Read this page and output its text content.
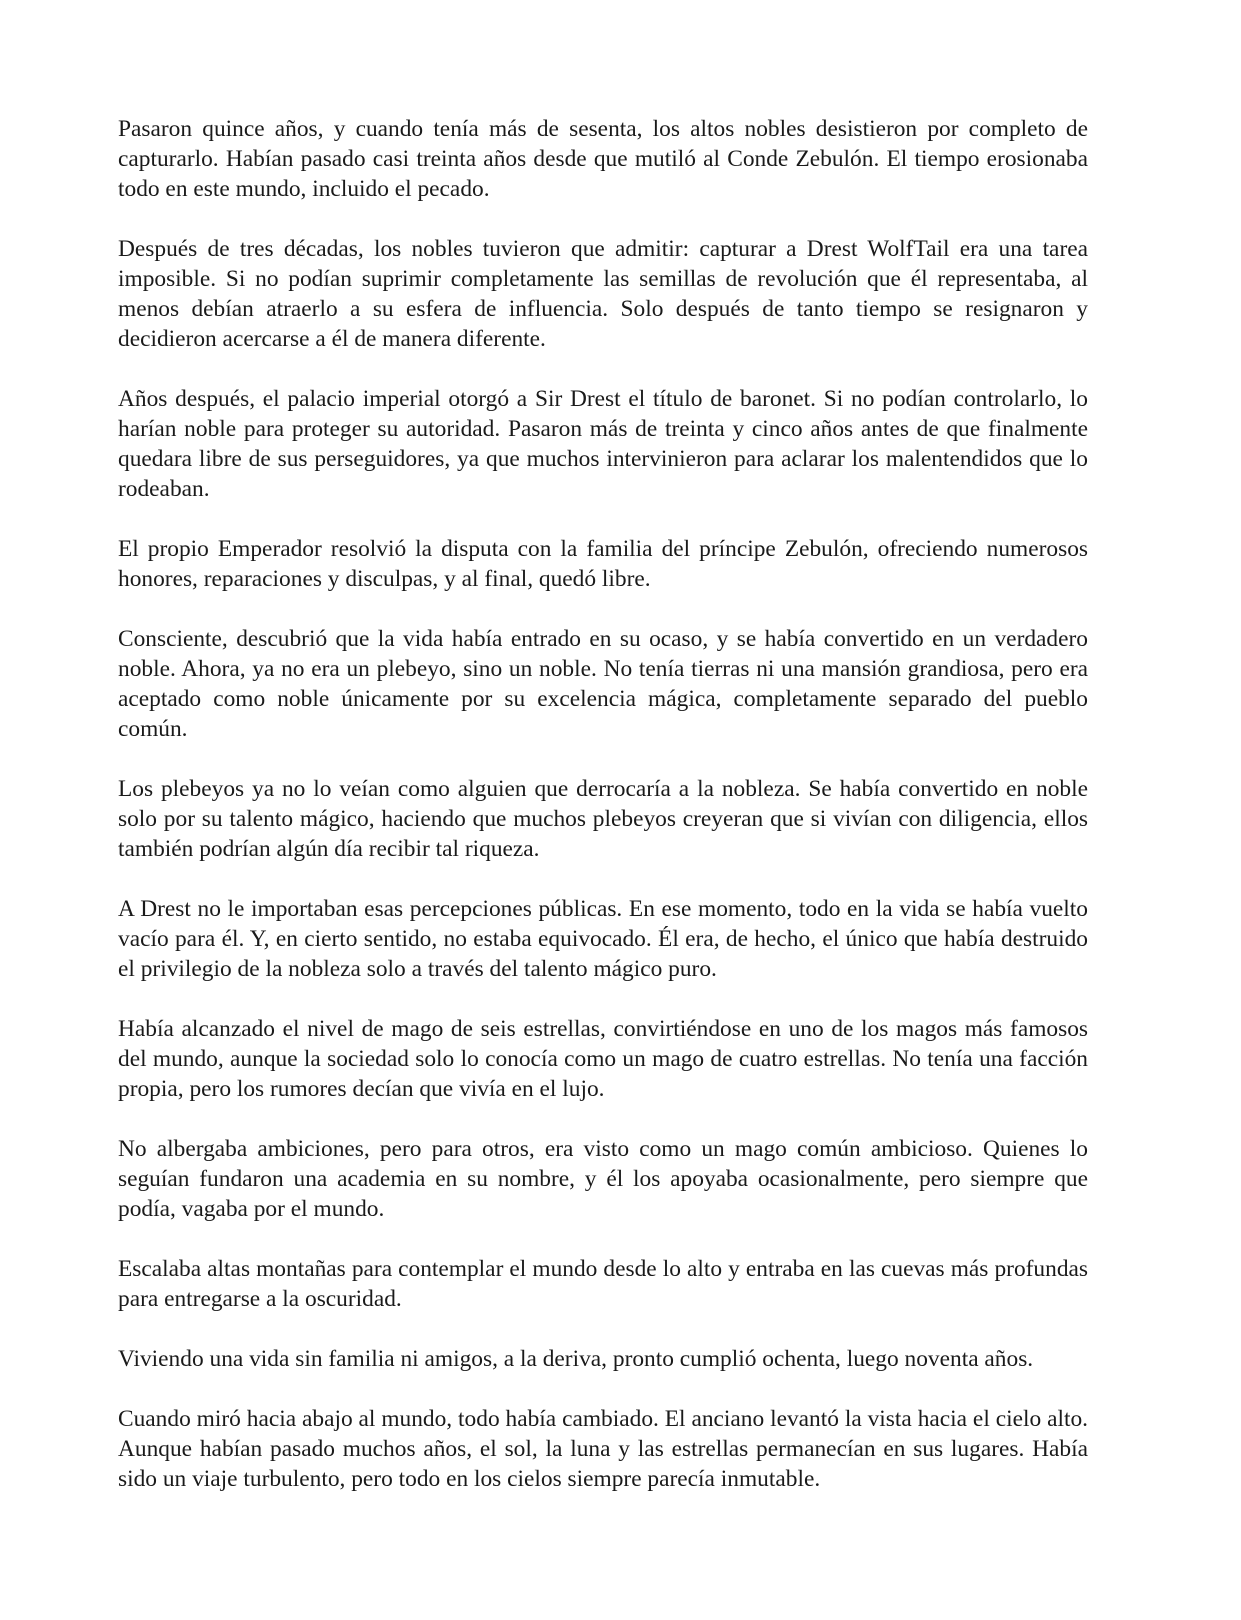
Pasaron quince años, y cuando tenía más de sesenta, los altos nobles desistieron por completo de capturarlo. Habían pasado casi treinta años desde que mutiló al Conde Zebulón. El tiempo erosionaba todo en este mundo, incluido el pecado.

Después de tres décadas, los nobles tuvieron que admitir: capturar a Drest WolfTail era una tarea imposible. Si no podían suprimir completamente las semillas de revolución que él representaba, al menos debían atraerlo a su esfera de influencia. Solo después de tanto tiempo se resignaron y decidieron acercarse a él de manera diferente.

Años después, el palacio imperial otorgó a Sir Drest el título de baronet. Si no podían controlarlo, lo harían noble para proteger su autoridad. Pasaron más de treinta y cinco años antes de que finalmente quedara libre de sus perseguidores, ya que muchos intervinieron para aclarar los malentendidos que lo rodeaban.

El propio Emperador resolvió la disputa con la familia del príncipe Zebulón, ofreciendo numerosos honores, reparaciones y disculpas, y al final, quedó libre.

Consciente, descubrió que la vida había entrado en su ocaso, y se había convertido en un verdadero noble. Ahora, ya no era un plebeyo, sino un noble. No tenía tierras ni una mansión grandiosa, pero era aceptado como noble únicamente por su excelencia mágica, completamente separado del pueblo común.

Los plebeyos ya no lo veían como alguien que derrocaría a la nobleza. Se había convertido en noble solo por su talento mágico, haciendo que muchos plebeyos creyeran que si vivían con diligencia, ellos también podrían algún día recibir tal riqueza.

A Drest no le importaban esas percepciones públicas. En ese momento, todo en la vida se había vuelto vacío para él. Y, en cierto sentido, no estaba equivocado. Él era, de hecho, el único que había destruido el privilegio de la nobleza solo a través del talento mágico puro.

Había alcanzado el nivel de mago de seis estrellas, convirtiéndose en uno de los magos más famosos del mundo, aunque la sociedad solo lo conocía como un mago de cuatro estrellas. No tenía una facción propia, pero los rumores decían que vivía en el lujo.

No albergaba ambiciones, pero para otros, era visto como un mago común ambicioso. Quienes lo seguían fundaron una academia en su nombre, y él los apoyaba ocasionalmente, pero siempre que podía, vagaba por el mundo.

Escalaba altas montañas para contemplar el mundo desde lo alto y entraba en las cuevas más profundas para entregarse a la oscuridad.

Viviendo una vida sin familia ni amigos, a la deriva, pronto cumplió ochenta, luego noventa años.

Cuando miró hacia abajo al mundo, todo había cambiado. El anciano levantó la vista hacia el cielo alto. Aunque habían pasado muchos años, el sol, la luna y las estrellas permanecían en sus lugares. Había sido un viaje turbulento, pero todo en los cielos siempre parecía inmutable.
